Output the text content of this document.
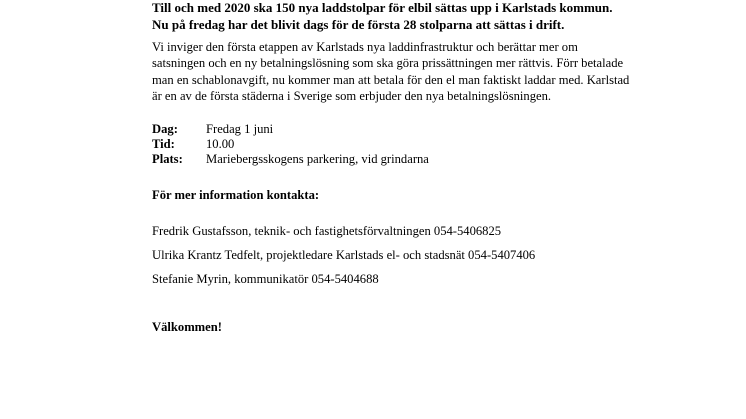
Till och med 2020 ska 150 nya laddstolpar för elbil sättas upp i Karlstads kommun. Nu på fredag har det blivit dags för de första 28 stolparna att sättas i drift.

Vi inviger den första etappen av Karlstads nya laddinfrastruktur och berättar mer om satsningen och en ny betalningslösning som ska göra prissättningen mer rättvis. Förr betalade man en schablonavgift, nu kommer man att betala för den el man faktiskt laddar med. Karlstad är en av de första städerna i Sverige som erbjuder den nya betalningslösningen.

Dag:	Fredag 1 juni
Tid:	10.00
Plats:	Mariebergsskogens parkering, vid grindarna

För mer information kontakta:

Fredrik Gustafsson, teknik- och fastighetsförvaltningen 054-5406825
Ulrika Krantz Tedfelt, projektledare Karlstads el- och stadsnät 054-5407406
Stefanie Myrin, kommunikatör 054-5404688

Välkommen!
